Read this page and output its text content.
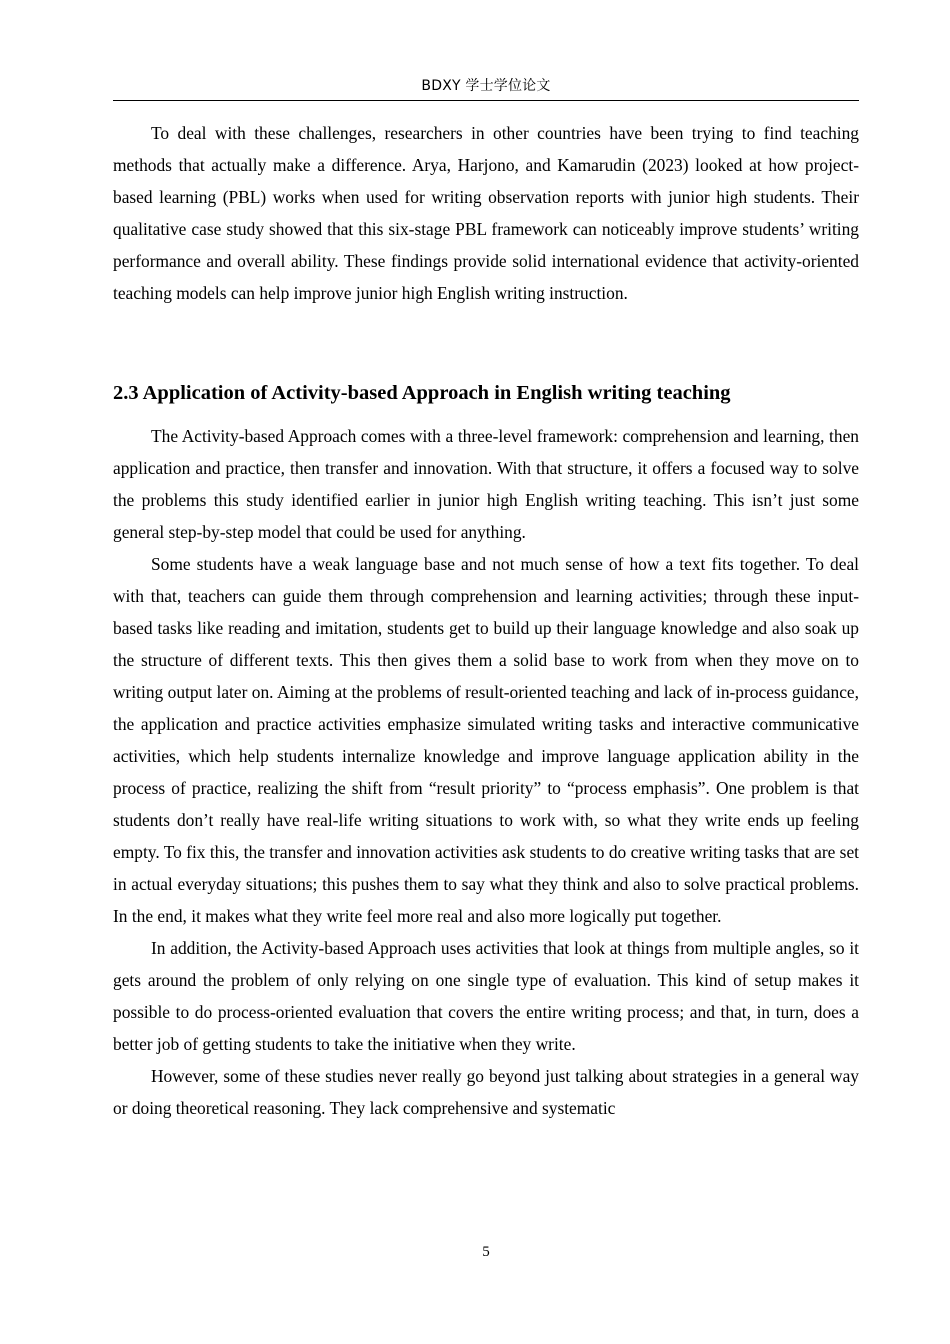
BDXY 学士学位论文

To deal with these challenges, researchers in other countries have been trying to find teaching methods that actually make a difference. Arya, Harjono, and Kamarudin (2023) looked at how project-based learning (PBL) works when used for writing observation reports with junior high students. Their qualitative case study showed that this six-stage PBL framework can noticeably improve students’ writing performance and overall ability. These findings provide solid international evidence that activity-oriented teaching models can help improve junior high English writing instruction.

2.3 Application of Activity-based Approach in English writing teaching

The Activity-based Approach comes with a three-level framework: comprehension and learning, then application and practice, then transfer and innovation. With that structure, it offers a focused way to solve the problems this study identified earlier in junior high English writing teaching. This isn’t just some general step-by-step model that could be used for anything.

Some students have a weak language base and not much sense of how a text fits together. To deal with that, teachers can guide them through comprehension and learning activities; through these input-based tasks like reading and imitation, students get to build up their language knowledge and also soak up the structure of different texts. This then gives them a solid base to work from when they move on to writing output later on. Aiming at the problems of result-oriented teaching and lack of in-process guidance, the application and practice activities emphasize simulated writing tasks and interactive communicative activities, which help students internalize knowledge and improve language application ability in the process of practice, realizing the shift from “result priority” to “process emphasis”. One problem is that students don’t really have real-life writing situations to work with, so what they write ends up feeling empty. To fix this, the transfer and innovation activities ask students to do creative writing tasks that are set in actual everyday situations; this pushes them to say what they think and also to solve practical problems. In the end, it makes what they write feel more real and also more logically put together.

In addition, the Activity-based Approach uses activities that look at things from multiple angles, so it gets around the problem of only relying on one single type of evaluation. This kind of setup makes it possible to do process-oriented evaluation that covers the entire writing process; and that, in turn, does a better job of getting students to take the initiative when they write.

However, some of these studies never really go beyond just talking about strategies in a general way or doing theoretical reasoning. They lack comprehensive and systematic

5
